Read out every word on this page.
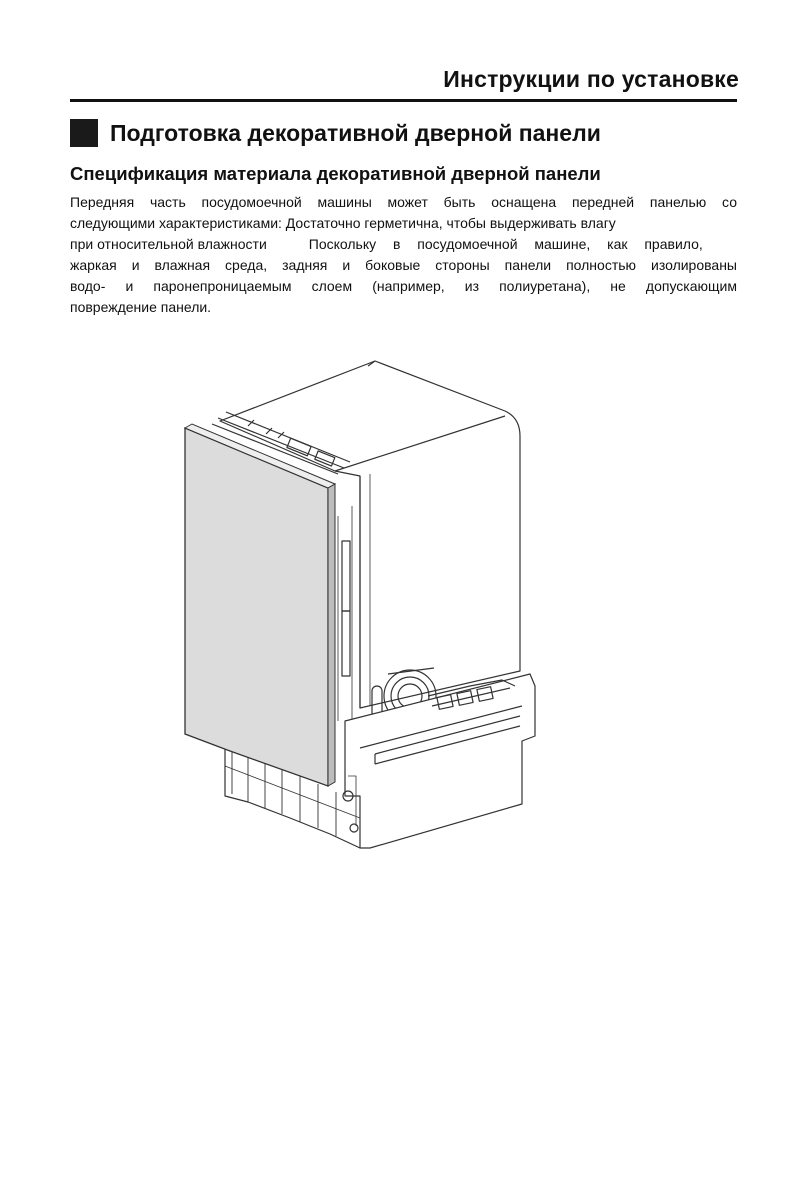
Инструкции по установке
Подготовка декоративной дверной панели
Спецификация материала декоративной дверной панели
Передняя часть посудомоечной машины может быть оснащена передней панелью со
следующими характеристиками: Достаточно герметична, чтобы выдерживать влагу
при относительной влажности	Поскольку в посудомоечной машине, как правило,
жаркая и влажная среда, задняя и боковые стороны панели полностью изолированы
водо- и паронепроницаемым слоем (например, из полиуретана), не допускающим
повреждение панели.
